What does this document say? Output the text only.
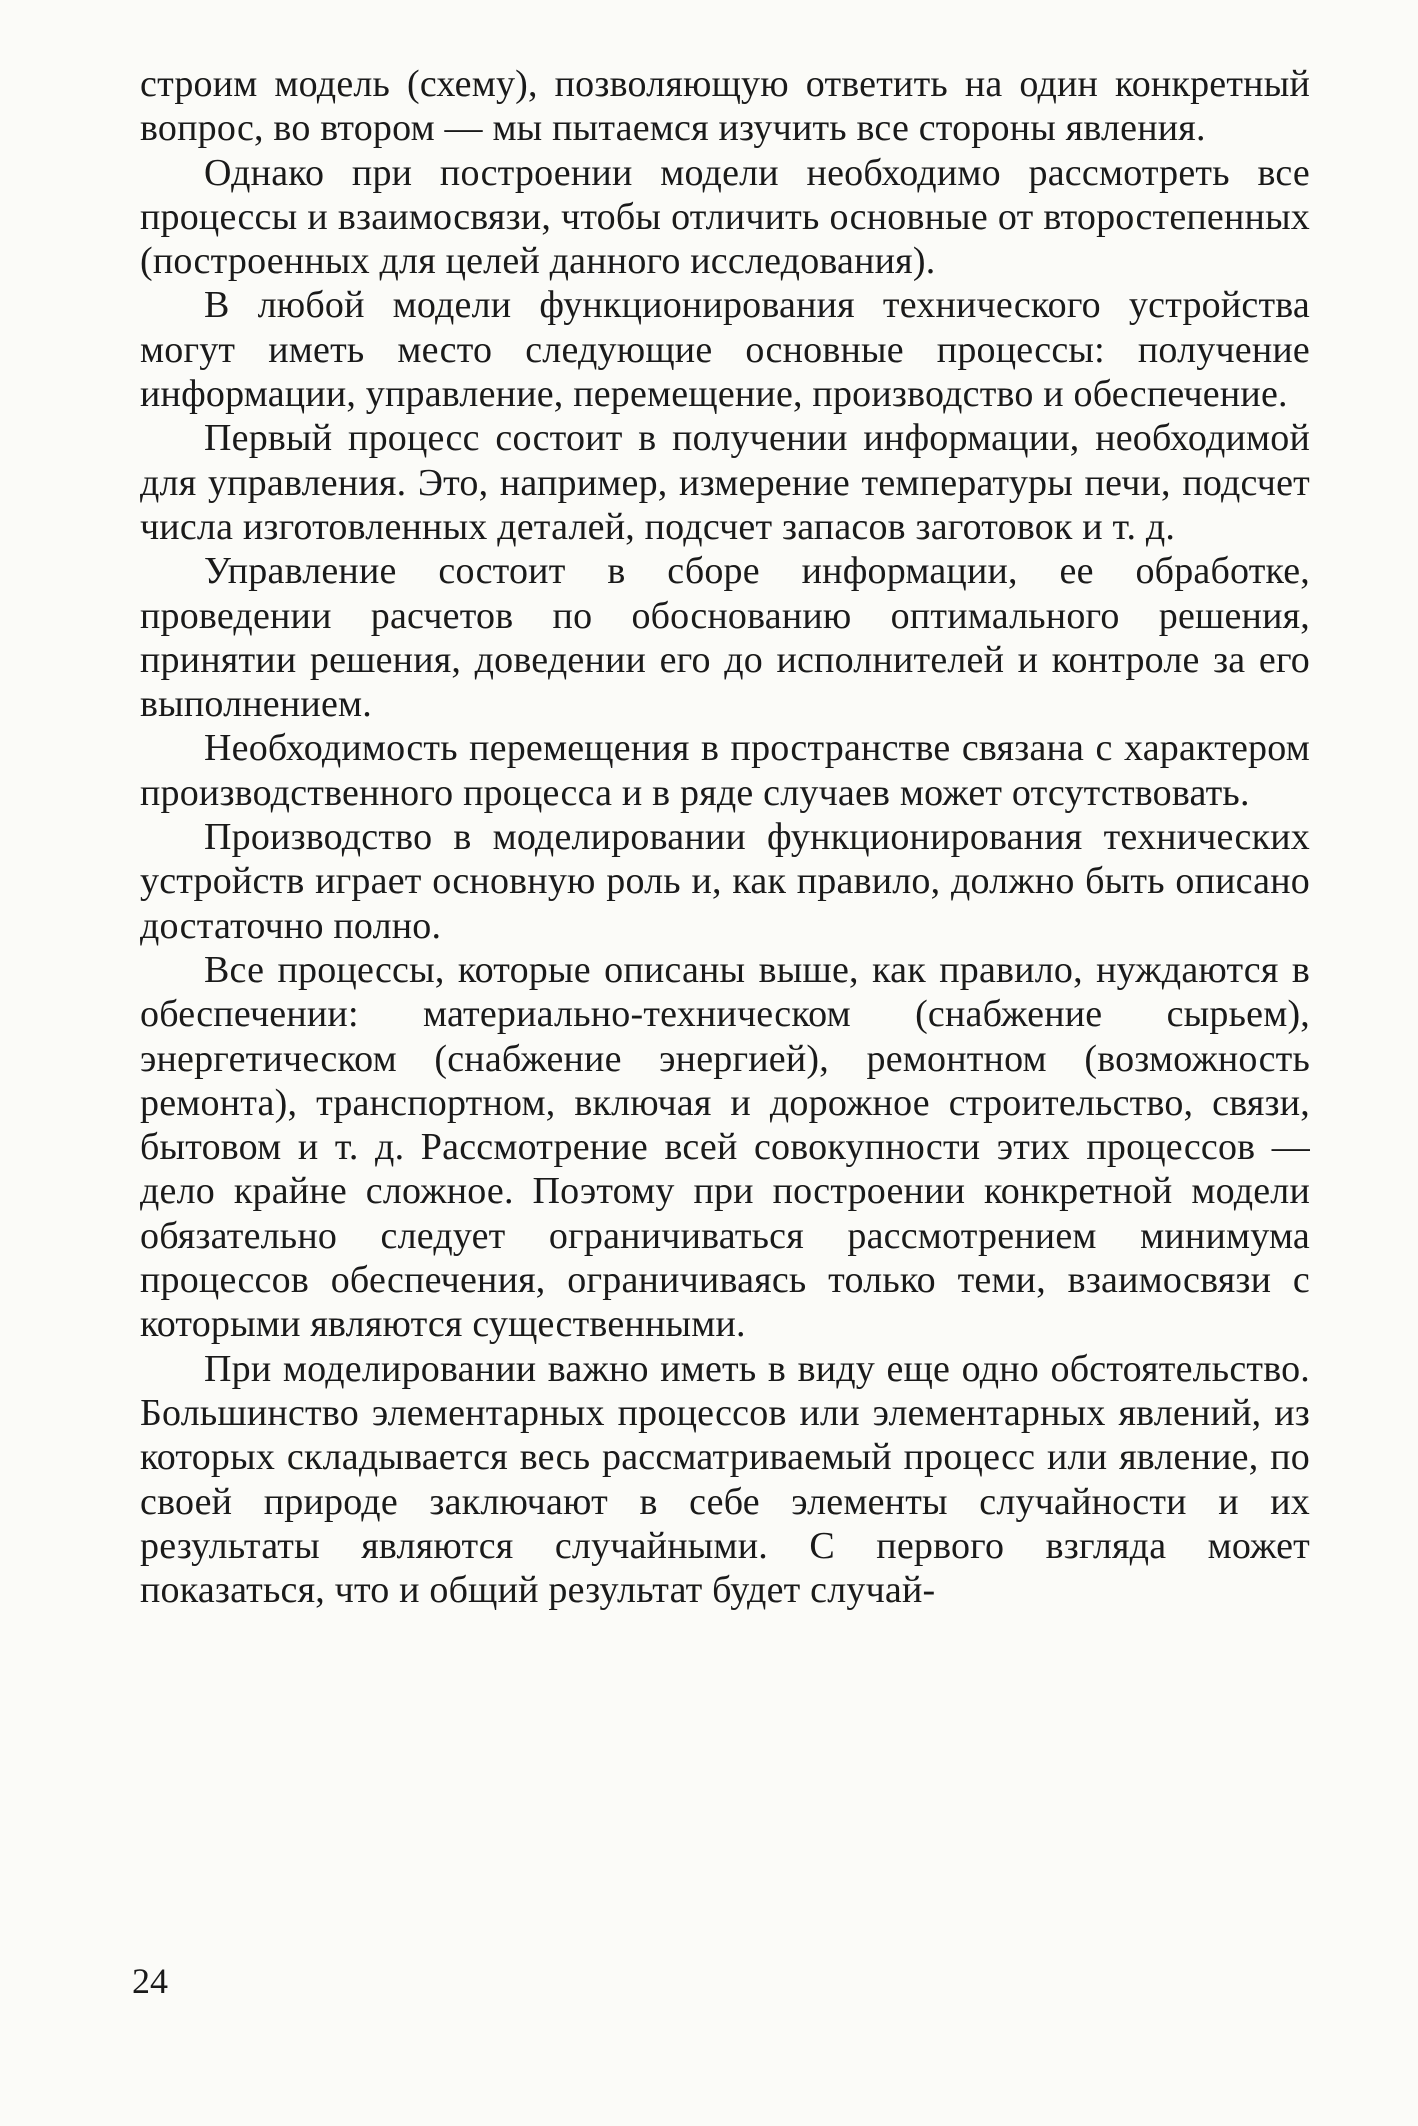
строим модель (схему), позволяющую ответить на один конкретный вопрос, во втором — мы пытаемся изучить все стороны явления.

Однако при построении модели необходимо рассмотреть все процессы и взаимосвязи, чтобы отличить основные от второстепенных (построенных для целей данного исследования).

В любой модели функционирования технического устройства могут иметь место следующие основные процессы: получение информации, управление, перемещение, производство и обеспечение.

Первый процесс состоит в получении информации, необходимой для управления. Это, например, измерение температуры печи, подсчет числа изготовленных деталей, подсчет запасов заготовок и т. д.

Управление состоит в сборе информации, ее обработке, проведении расчетов по обоснованию оптимального решения, принятии решения, доведении его до исполнителей и контроле за его выполнением.

Необходимость перемещения в пространстве связана с характером производственного процесса и в ряде случаев может отсутствовать.

Производство в моделировании функционирования технических устройств играет основную роль и, как правило, должно быть описано достаточно полно.

Все процессы, которые описаны выше, как правило, нуждаются в обеспечении: материально-техническом (снабжение сырьем), энергетическом (снабжение энергией), ремонтном (возможность ремонта), транспортном, включая и дорожное строительство, связи, бытовом и т. д. Рассмотрение всей совокупности этих процессов — дело крайне сложное. Поэтому при построении конкретной модели обязательно следует ограничиваться рассмотрением минимума процессов обеспечения, ограничиваясь только теми, взаимосвязи с которыми являются существенными.

При моделировании важно иметь в виду еще одно обстоятельство. Большинство элементарных процессов или элементарных явлений, из которых складывается весь рассматриваемый процесс или явление, по своей природе заключают в себе элементы случайности и их результаты являются случайными. С первого взгляда может показаться, что и общий результат будет случай-

24
